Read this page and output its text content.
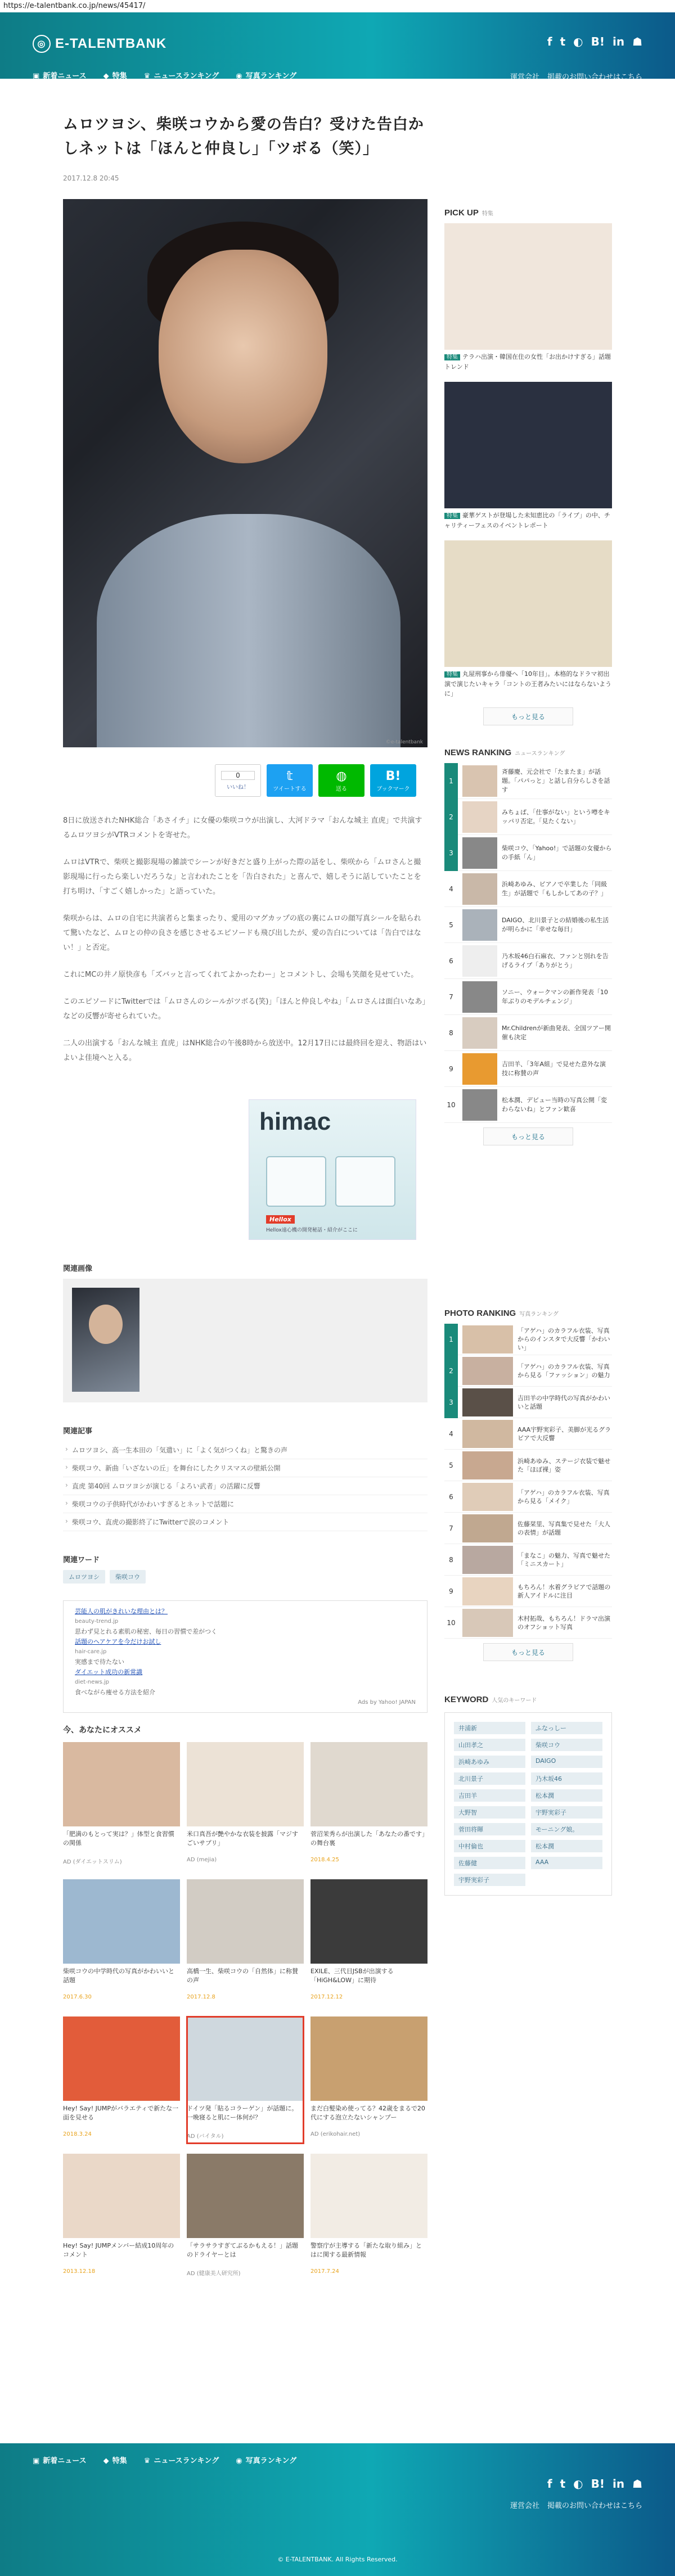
https://e-talentbank.co.jp/news/45417/
◎ E-TALENTBANK	f t ◐ B! in ☗
▣ 新着ニュース ◆ 特集 ♛ ニュースランキング ◉ 写真ランキング	運営会社 掲載のお問い合わせはこちら
ムロツヨシ、柴咲コウから愛の告白？受けた告白かしネットは「ほんと仲良し」「ツボる（笑）」
2017.12.8 20:45
©e-talentbank
0
いいね！
𝕥
ツイートする
◍
送る
B!
ブックマーク

8日に放送されたNHK総合「あさイチ」に女優の柴咲コウが出演し、大河ドラマ「おんな城主 直虎」で共演するムロツヨシがVTRコメントを寄せた。

ムロはVTRで、柴咲と撮影現場の雑談でシーンが好きだと盛り上がった際の話をし、柴咲から「ムロさんと撮影現場に行ったら楽しいだろうな」と言われたことを「告白された」と喜んで、嬉しそうに話していたことを打ち明け、「すごく嬉しかった」と語っていた。

柴咲からは、ムロの自宅に共演者らと集まったり、愛用のマグカップの底の裏にムロの顔写真シールを貼られて驚いたなど、ムロとの仲の良さを感じさせるエピソードも飛び出したが、愛の告白については「告白ではない！」と否定。

これにMCの井ノ原快彦も「ズバッと言ってくれてよかったわー」とコメントし、会場も笑顔を見せていた。

このエピソードにTwitterでは「ムロさんのシールがツボる(笑)」「ほんと仲良しやね」「ムロさんは面白いなあ」などの反響が寄せられていた。

二人の出演する「おんな城主 直虎」はNHK総合の午後8時から放送中。12月17日には最終回を迎え、物語はいよいよ佳境へと入る。

himac
Hellox
Hellox遠心機の開発秘話・紹介がここに
関連画像
関連記事
› ムロツヨシ、高一生本田の「気遣い」に「よく気がつくね」と驚きの声
› 柴咲コウ、新曲「いざないの丘」を舞台にしたクリスマスの壁紙公開
› 直虎 第40回 ムロツヨシが演じる「よろい武者」の活躍に反響
› 柴咲コウの子供時代がかわいすぎるとネットで話題に
› 柴咲コウ、直虎の撮影終了にTwitterで涙のコメント
関連ワード
ムロツヨシ	柴咲コウ
芸能人の肌がきれいな理由とは？
beauty-trend.jp
思わず見とれる素肌の秘密、毎日の習慣で差がつく
話題のヘアケアを今だけお試し
hair-care.jp
実感まで待たない
ダイエット成功の新常識
diet-news.jp
食べながら痩せる方法を紹介
Ads by Yahoo! JAPAN
今、あなたにオススメ
「肥満のもとって実は？」体型と食習慣の関係
AD (ダイエットスリム)
米口真吾が艶やかな衣装を披露「マジすごいサプリ」
AD (mejia)
菅沼茉秀らが出演した「あなたの番です」の舞台裏
2018.4.25
柴咲コウの中学時代の写真がかわいいと話題
2017.6.30
高橋一生、柴咲コウの「自然体」に称賛の声
2017.12.8
EXILE、三代目JSBが出演する「HiGH&LOW」に期待
2017.12.12
Hey! Say! JUMPがバラエティで新たな一面を見せる
2018.3.24
ドイツ発「貼るコラーゲン」が話題に。一晩寝ると肌にー体何が？
AD (バイタル)
まだ白髪染め使ってる？42歳をまるで20代にする泡立たないシャンプー
AD (erikohair.net)
Hey! Say! JUMPメンバー結成10周年のコメント
2013.12.18
「サラサラすぎてぶるかもえる！」話題のドライヤーとは
AD (健康美人研究所)
警察庁が主導する「新たな取り組み」とはに関する最新情報
2017.7.24
PICK UP 特集
特集 テラハ出演・韓国在住の女性「お出かけすぎる」話題トレンド
特集 豪華ゲストが登場した未知恵比の「ライブ」の中、チャリティーフェスのイベントレポート
特集 丸屋刑事から俳優へ「10年目」。本格的なドラマ初出演で演じたいキャラ「コントの王者みたいにはならないように」
もっと見る
NEWS RANKING ニュースランキング
1
斉藤慶、元会社で「たまたま」が話題。「パパっと」と話し自分らしさを話す
2
みちょぱ、「仕事がない」という噂をキッパリ否定。「見たくない」
3
柴咲コウ、「Yahoo!」で話題の女優からの手紙「ん」
4
浜崎あゆみ、ピアノで卒業した「同級生」が話題で「もしかしてあの子？」
5
DAIGO、北川景子との結婚後の私生活が明らかに「幸せな毎日」
6
乃木坂46白石麻衣、ファンと別れを告げるライブ「ありがとう」
7
ソニー、ウォークマンの新作発表「10年ぶりのモデルチェンジ」
8
Mr.Childrenが新曲発表、全国ツアー開催も決定
9
吉田羊、「3年A組」で見せた意外な演技に称賛の声
10
松本潤、デビュー当時の写真公開「変わらないね」とファン歓喜
もっと見る
PHOTO RANKING 写真ランキング
1
「アゲハ」のカラフル衣装、写真からのインスタで大反響「かわいい」
2
「アゲハ」のカラフル衣装、写真から見る「ファッション」の魅力
3
吉田羊の中学時代の写真がかわいいと話題
4
AAA宇野実彩子、美脚が光るグラビアで大反響
5
浜崎あゆみ、ステージ衣装で魅せた「ほぼ裸」姿
6
「アゲハ」のカラフル衣装、写真から見る「メイク」
7
佐藤栞里、写真集で見せた「大人の表情」が話題
8
「まなこ」の魅力、写真で魅せた「ミニスカート」
9
もちろん！水着グラビアで話題の新人アイドルに注目
10
木村拓哉、もちろん！ドラマ出演のオフショット写真
もっと見る
KEYWORD 人気のキーワード
井浦新	ふなっしー
山田孝之	柴咲コウ
浜崎あゆみ	DAIGO
北川景子	乃木坂46
吉田羊	松本潤
大野智	宇野実彩子
菅田将暉	モーニング娘。
中村倫也	松本潤
佐藤健	AAA
宇野実彩子
▣ 新着ニュース ◆ 特集 ♛ ニュースランキング ◉ 写真ランキング
f t ◐ B! in ☗
運営会社 掲載のお問い合わせはこちら
© E-TALENTBANK. All Rights Reserved.
